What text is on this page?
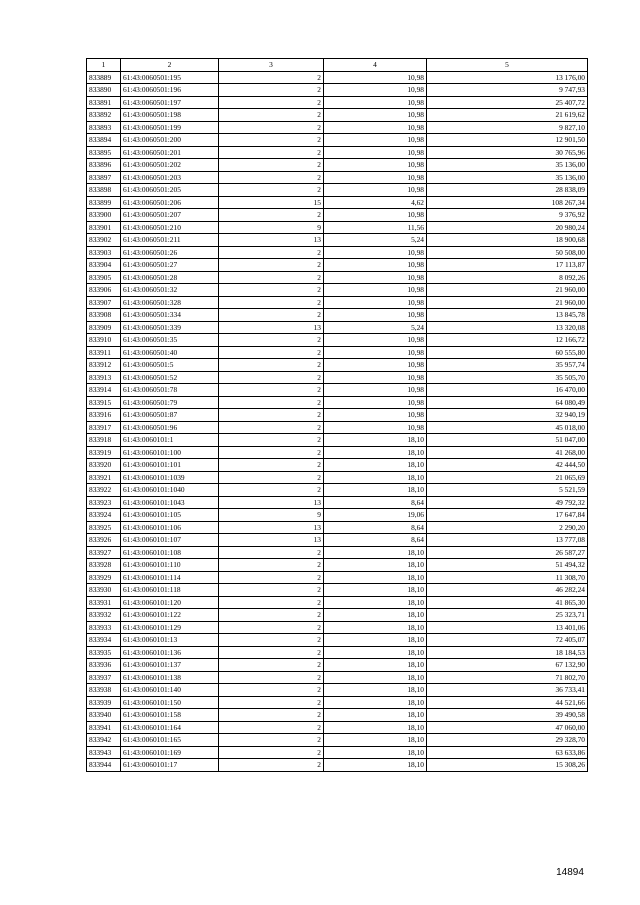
1	2	3	4	5
833889	61:43:0060501:195	2	10,98	13 176,00
833890	61:43:0060501:196	2	10,98	9 747,93
833891	61:43:0060501:197	2	10,98	25 407,72
833892	61:43:0060501:198	2	10,98	21 619,62
833893	61:43:0060501:199	2	10,98	9 827,10
833894	61:43:0060501:200	2	10,98	12 901,50
833895	61:43:0060501:201	2	10,98	30 765,96
833896	61:43:0060501:202	2	10,98	35 136,00
833897	61:43:0060501:203	2	10,98	35 136,00
833898	61:43:0060501:205	2	10,98	28 838,09
833899	61:43:0060501:206	15	4,62	108 267,34
833900	61:43:0060501:207	2	10,98	9 376,92
833901	61:43:0060501:210	9	11,56	20 980,24
833902	61:43:0060501:211	13	5,24	18 900,68
833903	61:43:0060501:26	2	10,98	50 508,00
833904	61:43:0060501:27	2	10,98	17 113,87
833905	61:43:0060501:28	2	10,98	8 092,26
833906	61:43:0060501:32	2	10,98	21 960,00
833907	61:43:0060501:328	2	10,98	21 960,00
833908	61:43:0060501:334	2	10,98	13 845,78
833909	61:43:0060501:339	13	5,24	13 320,08
833910	61:43:0060501:35	2	10,98	12 166,72
833911	61:43:0060501:40	2	10,98	60 555,80
833912	61:43:0060501:5	2	10,98	35 957,74
833913	61:43:0060501:52	2	10,98	35 505,70
833914	61:43:0060501:78	2	10,98	16 470,00
833915	61:43:0060501:79	2	10,98	64 080,49
833916	61:43:0060501:87	2	10,98	32 940,19
833917	61:43:0060501:96	2	10,98	45 018,00
833918	61:43:0060101:1	2	18,10	51 047,00
833919	61:43:0060101:100	2	18,10	41 268,00
833920	61:43:0060101:101	2	18,10	42 444,50
833921	61:43:0060101:1039	2	18,10	21 065,69
833922	61:43:0060101:1040	2	18,10	5 521,59
833923	61:43:0060101:1043	13	8,64	49 792,32
833924	61:43:0060101:105	9	19,06	17 647,84
833925	61:43:0060101:106	13	8,64	2 290,20
833926	61:43:0060101:107	13	8,64	13 777,08
833927	61:43:0060101:108	2	18,10	26 587,27
833928	61:43:0060101:110	2	18,10	51 494,32
833929	61:43:0060101:114	2	18,10	11 308,70
833930	61:43:0060101:118	2	18,10	46 282,24
833931	61:43:0060101:120	2	18,10	41 865,30
833932	61:43:0060101:122	2	18,10	25 323,71
833933	61:43:0060101:129	2	18,10	13 401,06
833934	61:43:0060101:13	2	18,10	72 405,07
833935	61:43:0060101:136	2	18,10	18 184,53
833936	61:43:0060101:137	2	18,10	67 132,90
833937	61:43:0060101:138	2	18,10	71 802,70
833938	61:43:0060101:140	2	18,10	36 733,41
833939	61:43:0060101:150	2	18,10	44 521,66
833940	61:43:0060101:158	2	18,10	39 490,58
833941	61:43:0060101:164	2	18,10	47 060,00
833942	61:43:0060101:165	2	18,10	29 328,70
833943	61:43:0060101:169	2	18,10	63 633,86
833944	61:43:0060101:17	2	18,10	15 308,26
14894
